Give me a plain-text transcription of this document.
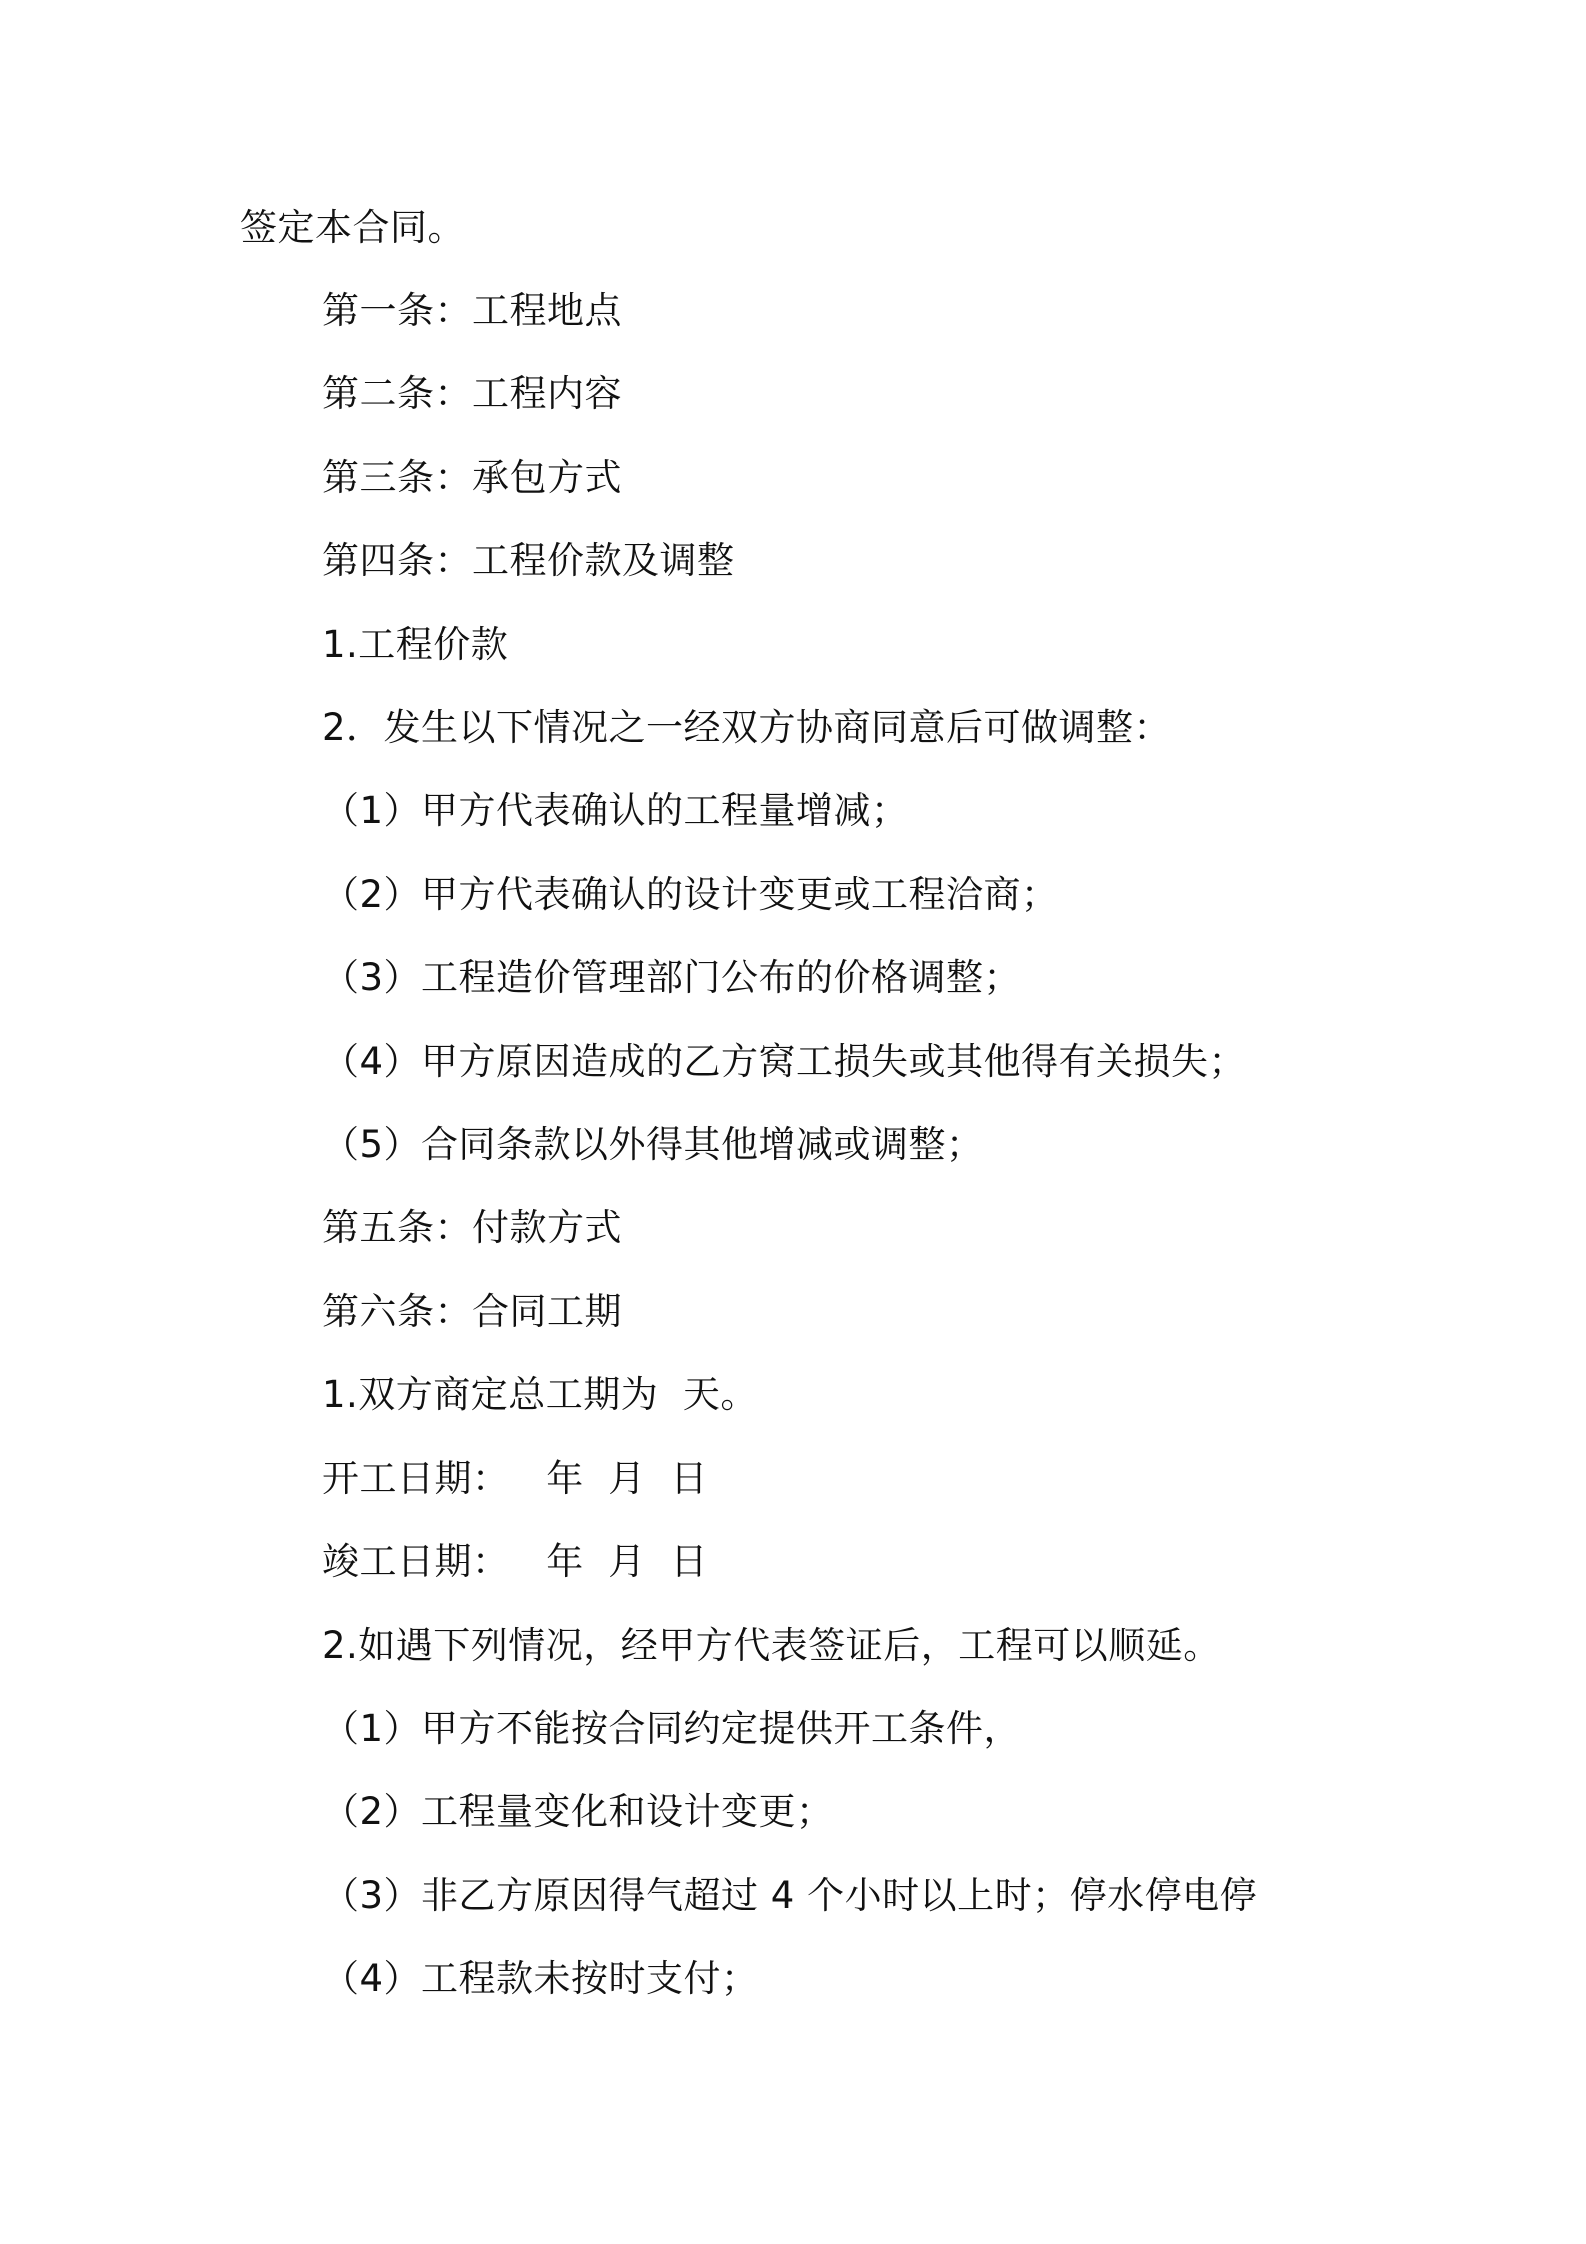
签定本合同。
第一条：工程地点
第二条：工程内容
第三条：承包方式
第四条：工程价款及调整
1.工程价款
2．发生以下情况之一经双方协商同意后可做调整：
（1）甲方代表确认的工程量增减；
（2）甲方代表确认的设计变更或工程洽商；
（3）工程造价管理部门公布的价格调整；
（4）甲方原因造成的乙方窝工损失或其他得有关损失；
（5）合同条款以外得其他增减或调整；
第五条：付款方式
第六条：合同工期
1.双方商定总工期为  天。
开工日期：   年  月  日
竣工日期：   年  月  日
2.如遇下列情况，经甲方代表签证后，工程可以顺延。
（1）甲方不能按合同约定提供开工条件，
（2）工程量变化和设计变更；
（3）非乙方原因得气超过 4 个小时以上时；停水停电停
（4）工程款未按时支付；
